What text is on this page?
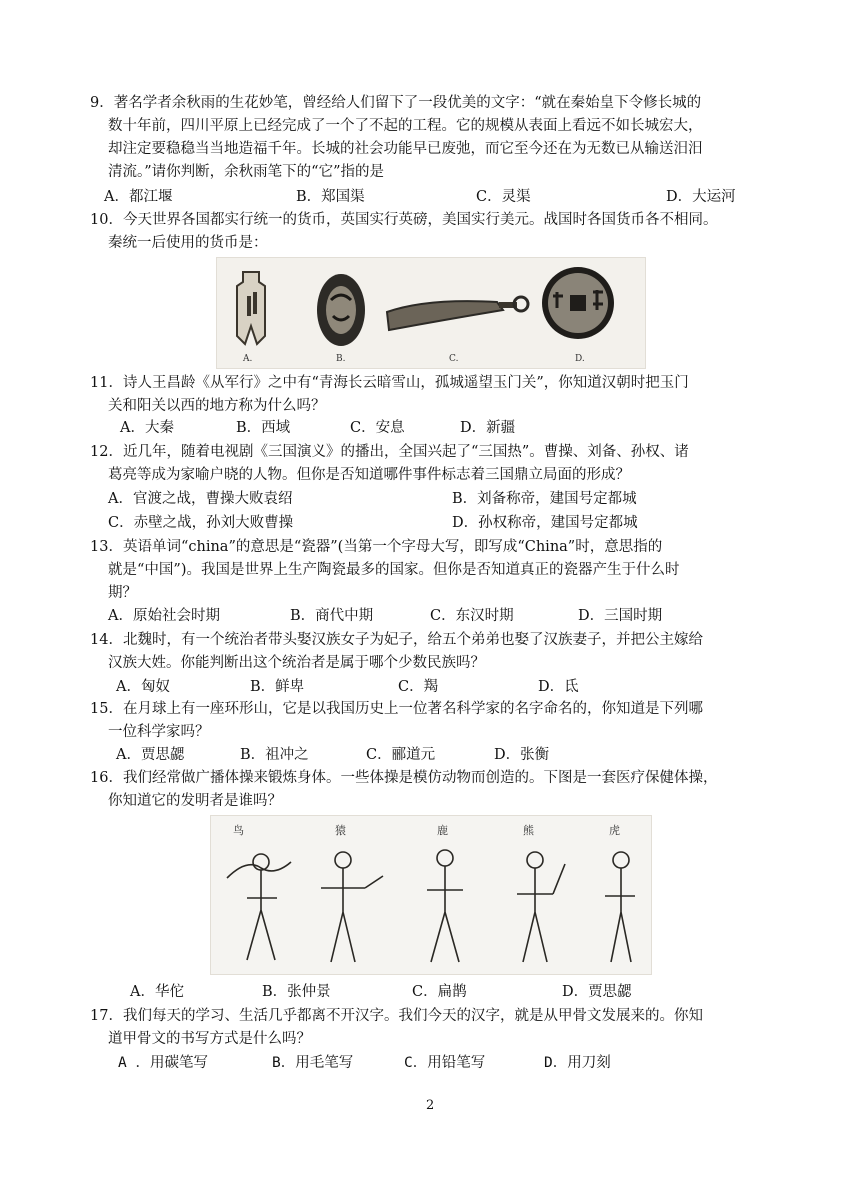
9．著名学者余秋雨的生花妙笔，曾经给人们留下了一段优美的文字：“就在秦始皇下令修长城的
数十年前，四川平原上已经完成了一个了不起的工程。它的规模从表面上看远不如长城宏大，
却注定要稳稳当当地造福千年。长城的社会功能早已废弛，而它至今还在为无数已从输送汨汨
清流。”请你判断，余秋雨笔下的“它”指的是
A．都江堰	B．郑国渠	C．灵渠	D．大运河
10．今天世界各国都实行统一的货币，英国实行英磅，美国实行美元。战国时各国货币各不相同。
秦统一后使用的货币是：
A.	B.	C.	D.
11．诗人王昌龄《从军行》之中有“青海长云暗雪山，孤城遥望玉门关”，你知道汉朝时把玉门
关和阳关以西的地方称为什么吗？
A．大秦	B．西域	C．安息	D．新疆
12．近几年，随着电视剧《三国演义》的播出，全国兴起了“三国热”。曹操、刘备、孙权、诸
葛亮等成为家喻户晓的人物。但你是否知道哪件事件标志着三国鼎立局面的形成？
A．官渡之战，曹操大败袁绍	B．刘备称帝，建国号定都城
C．赤壁之战，孙刘大败曹操	D．孙权称帝，建国号定都城
13．英语单词“china”的意思是“瓷器”(当第一个字母大写，即写成“China”时，意思指的
就是“中国”)。我国是世界上生产陶瓷最多的国家。但你是否知道真正的瓷器产生于什么时
期？
A．原始社会时期	B．商代中期	C．东汉时期	D．三国时期
14．北魏时，有一个统治者带头娶汉族女子为妃子，给五个弟弟也娶了汉族妻子，并把公主嫁给
汉族大姓。你能判断出这个统治者是属于哪个少数民族吗？
A．匈奴	B．鲜卑	C．羯	D．氐
15．在月球上有一座环形山，它是以我国历史上一位著名科学家的名字命名的，你知道是下列哪
一位科学家吗？
A．贾思勰	B．祖冲之	C．郦道元	D．张衡
16．我们经常做广播体操来锻炼身体。一些体操是模仿动物而创造的。下图是一套医疗保健体操，
你知道它的发明者是谁吗？
鸟	猿	鹿	熊	虎
A．华佗	B．张仲景	C．扁鹊	D．贾思勰
17．我们每天的学习、生活几乎都离不开汉字。我们今天的汉字，就是从甲骨文发展来的。你知
道甲骨文的书写方式是什么吗？
A ．用碳笔写	B．用毛笔写	C．用铅笔写	D．用刀刻
2
